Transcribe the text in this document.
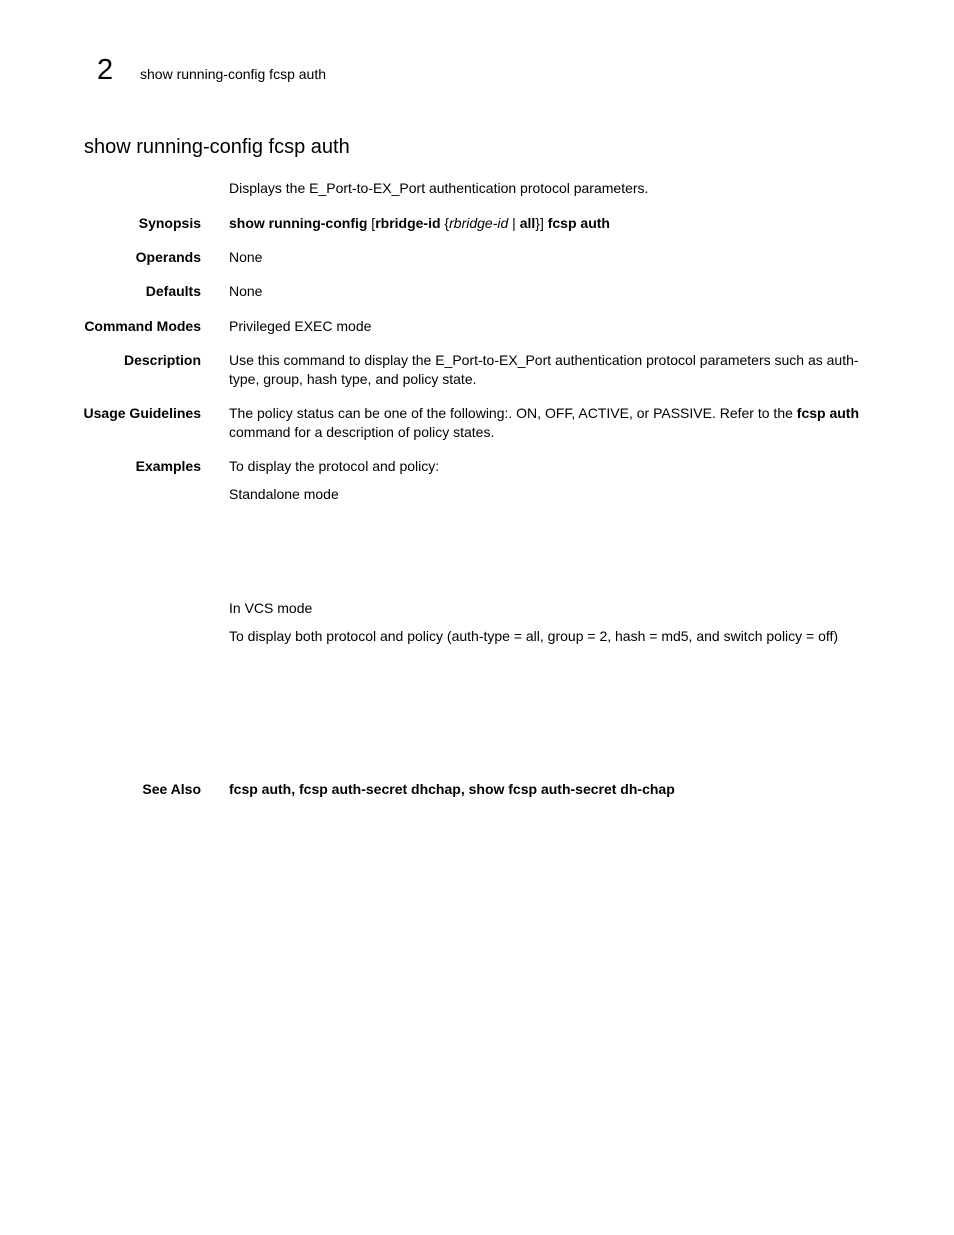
2 show running-config fcsp auth
show running-config fcsp auth
Displays the E_Port-to-EX_Port authentication protocol parameters.
Synopsis show running-config [rbridge-id {rbridge-id | all}] fcsp auth
Operands None
Defaults None
Command Modes Privileged EXEC mode
Description Use this command to display the E_Port-to-EX_Port authentication protocol parameters such as auth-type, group, hash type, and policy state.
Usage Guidelines The policy status can be one of the following:. ON, OFF, ACTIVE, or PASSIVE. Refer to the fcsp auth command for a description of policy states.
Examples To display the protocol and policy:

Standalone mode

In VCS mode

To display both protocol and policy (auth-type = all, group = 2, hash = md5, and switch policy = off)

See Also fcsp auth, fcsp auth-secret dhchap, show fcsp auth-secret dh-chap
